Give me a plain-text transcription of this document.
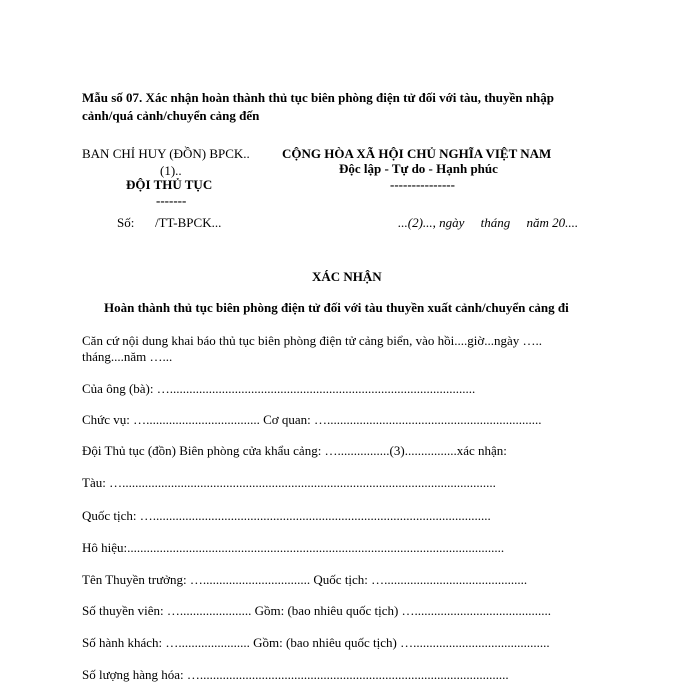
Mẫu số 07. Xác nhận hoàn thành thủ tục biên phòng điện tử đối với tàu, thuyền nhập
cảnh/quá cảnh/chuyển cảng đến
BAN CHỈ HUY (ĐỒN) BPCK..
(1)..
ĐỘI THỦ TỤC
-------
CỘNG HÒA XÃ HỘI CHỦ NGHĨA VIỆT NAM
Độc lập - Tự do - Hạnh phúc
---------------
Số: /TT-BPCK...	...(2)..., ngày     tháng     năm 20....
XÁC NHẬN
Hoàn thành thủ tục biên phòng điện tử đối với tàu thuyền xuất cảnh/chuyển cảng đi
Căn cứ nội dung khai báo thủ tục biên phòng điện tử cảng biển, vào hồi....giờ...ngày …..
tháng....năm …...
Của ông (bà): …..............................................................................................
Chức vụ: …................................... Cơ quan: …..................................................................
Đội Thủ tục (đồn) Biên phòng cửa khẩu cảng: …................(3)................xác nhận:
Tàu: …...................................................................................................................
Quốc tịch: …........................................................................................................
Hô hiệu:....................................................................................................................
Tên Thuyền trưởng: …................................. Quốc tịch: …............................................
Số thuyền viên: …...................... Gồm: (bao nhiêu quốc tịch) …..........................................
Số hành khách: …...................... Gồm: (bao nhiêu quốc tịch) …..........................................
Số lượng hàng hóa: …...............................................................................................
